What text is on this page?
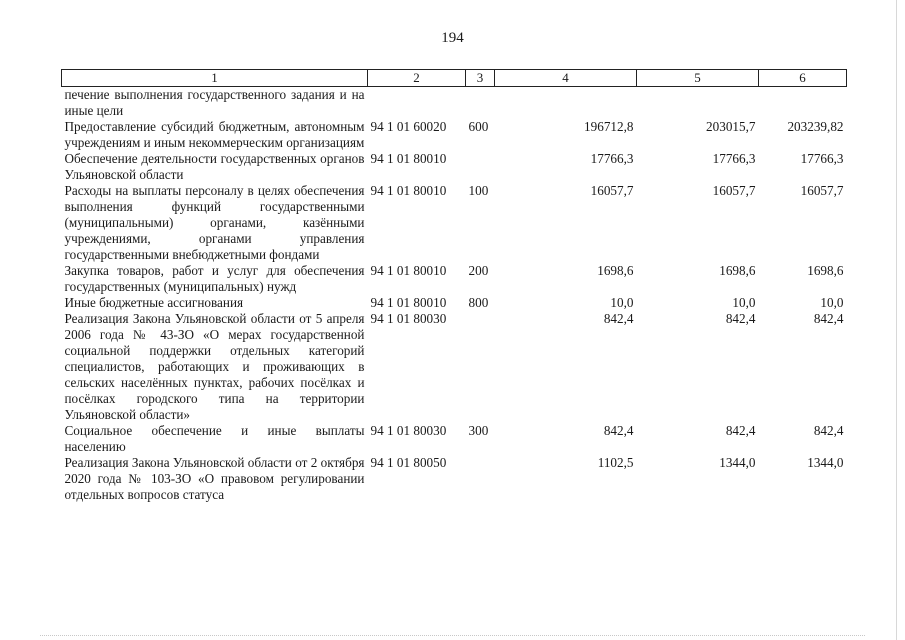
194
1	2	3	4	5	6
печение выполнения государственного задания и на иные цели					
Предоставление субсидий бюджетным, автономным учреждениям и иным некоммерческим организациям	94 1 01 60020	600	196712,8	203015,7	203239,82
Обеспечение деятельности государственных органов Ульяновской области	94 1 01 80010		17766,3	17766,3	17766,3
Расходы на выплаты персоналу в целях обеспечения выполнения функций государственными (муниципальными) органами, казёнными учреждениями, органами управления государственными внебюджетными фондами	94 1 01 80010	100	16057,7	16057,7	16057,7
Закупка товаров, работ и услуг для обеспечения государственных (муниципальных) нужд	94 1 01 80010	200	1698,6	1698,6	1698,6
Иные бюджетные ассигнования	94 1 01 80010	800	10,0	10,0	10,0
Реализация Закона Ульяновской области от 5 апреля 2006 года № 43-ЗО «О мерах государственной социальной поддержки отдельных категорий специалистов, работающих и проживающих в сельских населённых пунктах, рабочих посёлках и посёлках городского типа на территории Ульяновской области»	94 1 01 80030		842,4	842,4	842,4
Социальное обеспечение и иные выплаты населению	94 1 01 80030	300	842,4	842,4	842,4
Реализация Закона Ульяновской области от 2 октября 2020 года № 103-ЗО «О правовом регулировании отдельных вопросов статуса	94 1 01 80050		1102,5	1344,0	1344,0
